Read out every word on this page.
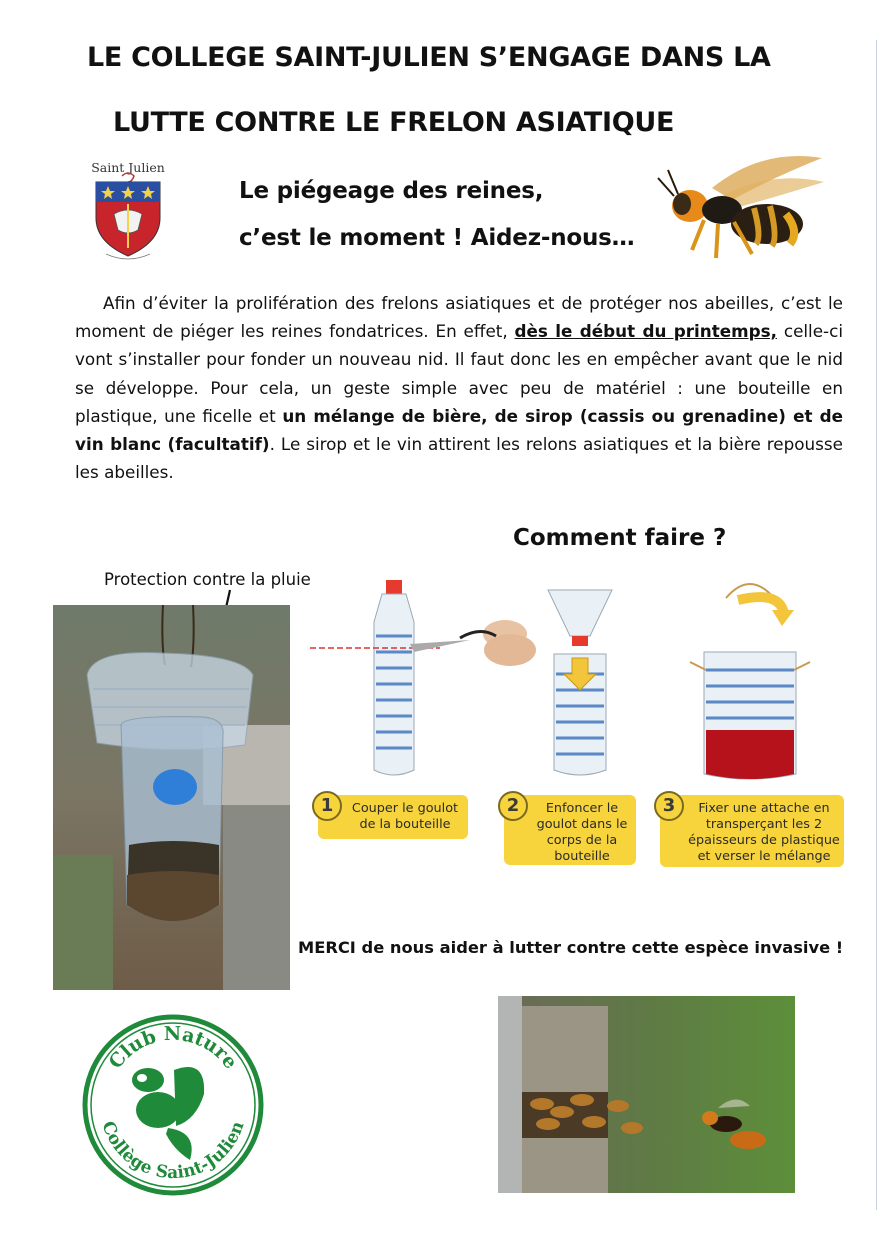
LE COLLEGE SAINT-JULIEN S’ENGAGE DANS LA
LUTTE CONTRE LE FRELON ASIATIQUE
Saint Julien
Le piégeage des reines,
c’est le moment ! Aidez-nous…
Afin d’éviter la prolifération des frelons asiatiques et de protéger nos abeilles, c’est le moment de piéger les reines fondatrices. En effet, dès le début du printemps, celle-ci vont s’installer pour fonder un nouveau nid. Il faut donc les en empêcher avant que le nid se développe. Pour cela, un geste simple avec peu de matériel : une bouteille en plastique, une ficelle et un mélange de bière, de sirop (cassis ou grenadine) et de vin blanc (facultatif). Le sirop et le vin attirent les relons asiatiques et la bière repousse les abeilles.
Comment faire ?
Protection contre la pluie
1	Couper le goulot de la bouteille
2	Enfoncer le goulot dans le corps de la bouteille
3	Fixer une attache en transperçant les 2 épaisseurs de plastique et verser le mélange
MERCI de nous aider à lutter contre cette espèce invasive !
Club Nature
Collège Saint-Julien
